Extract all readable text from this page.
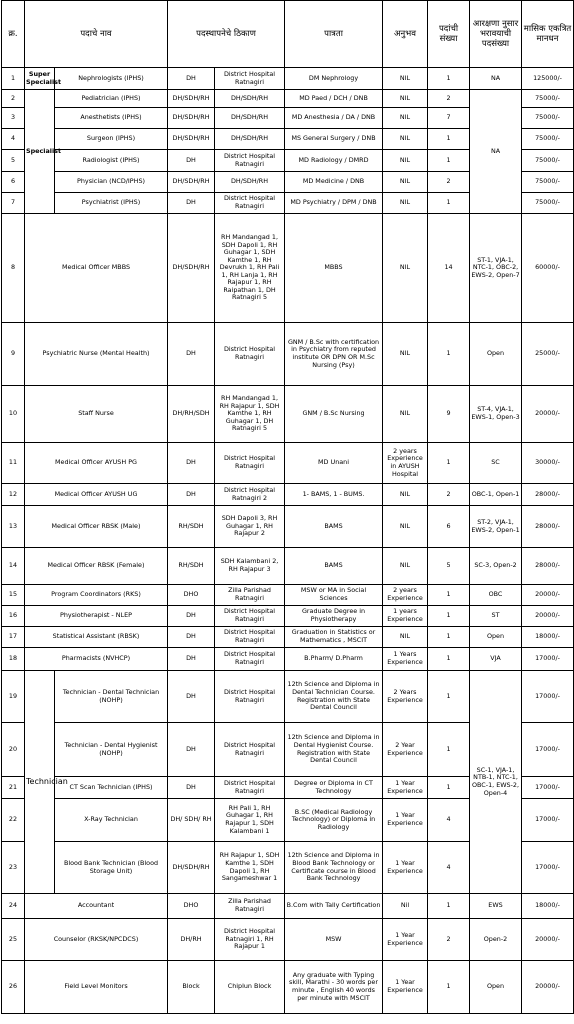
क्र.	पदाचे नाव		पदस्थापनेचे ठिकाण		पात्रता	अनुभव	पदांची संख्या	आरक्षणा नुसार भरावयाची पदसंख्या	मासिक एकत्रित मानधन
1	Super Specialist	Nephrologists (IPHS)	DH	District Hospital Ratnagiri	DM Nephrology	NIL	1	NA	125000/-
2	Specialist	Pediatrician (IPHS)	DH/SDH/RH	DH/SDH/RH	MD Paed / DCH / DNB	NIL	2	NA	75000/-
3		Anesthetists (IPHS)	DH/SDH/RH	DH/SDH/RH	MD Anesthesia / DA / DNB	NIL	7		75000/-
4		Surgeon (IPHS)	DH/SDH/RH	DH/SDH/RH	MS General Surgery / DNB	NIL	1		75000/-
5		Radiologist (IPHS)	DH	District Hospital Ratnagiri	MD Radiology / DMRD	NIL	1		75000/-
6		Physician (NCD/IPHS)	DH/SDH/RH	DH/SDH/RH	MD Medicine / DNB	NIL	2		75000/-
7		Psychiatrist (IPHS)	DH	District Hospital Ratnagiri	MD Psychiatry / DPM / DNB	NIL	1		75000/-
8	Medical Officer MBBS		DH/SDH/RH	RH Mandangad 1, SDH Dapoli 1, RH Guhagar 1, SDH Kamthe 1, RH Devrukh 1, RH Pali 1, RH Lanja 1, RH Rajapur 1, RH Raipathan 1, DH Ratnagiri 5	MBBS	NIL	14	ST-1, VJA-1, NTC-1, OBC-2, EWS-2, Open-7	60000/-
9	Psychiatric Nurse (Mental Health)		DH	District Hospital Ratnagiri	GNM / B.Sc with certification in Psychiatry from reputed institute OR DPN OR M.Sc Nursing (Psy)	NIL	1	Open	25000/-
10	Staff Nurse		DH/RH/SDH	RH Mandangad 1, RH Rajapur 1, SDH Kamthe 1, RH Guhagar 1, DH Ratnagiri 5	GNM / B.Sc Nursing	NIL	9	ST-4, VJA-1, EWS-1, Open-3	20000/-
11	Medical Officer AYUSH PG		DH	District Hospital Ratnagiri	MD Unani	2 years Experience in AYUSH Hospital	1	SC	30000/-
12	Medical Officer AYUSH UG		DH	District Hospital Ratnagiri 2	1- BAMS, 1 - BUMS.	NIL	2	OBC-1, Open-1	28000/-
13	Medical Officer RBSK (Male)		RH/SDH	SDH Dapoli 3, RH Guhagar 1, RH Rajapur 2	BAMS	NIL	6	ST-2, VJA-1, EWS-2, Open-1	28000/-
14	Medical Officer RBSK (Female)		RH/SDH	SDH Kalambani 2, RH Rajapur 3	BAMS	NIL	5	SC-3, Open-2	28000/-
15	Program Coordinators (RKS)		DHO	Zilla Parishad Ratnagiri	MSW or MA in Social Sciences	2 years Experience	1	OBC	20000/-
16	Physiotherapist - NLEP		DH	District Hospital Ratnagiri	Graduate Degree in Physiotherapy	1 years Experience	1	ST	20000/-
17	Statistical Assistant (RBSK)		DH	District Hospital Ratnagiri	Graduation in Statistics or Mathematics , MSCIT	NIL	1	Open	18000/-
18	Pharmacists (NVHCP)		DH	District Hospital Ratnagiri	B.Pharm/ D.Pharm	1 Years Experience	1	VJA	17000/-
19	Technician	Technician - Dental Technician (NOHP)	DH	District Hospital Ratnagiri	12th Science and Diploma in Dental Technician Course. Registration with State Dental Council	2 Years Experience	1	SC-1, VJA-1, NTB-1, NTC-1, OBC-1, EWS-2, Open-4	17000/-
20		Technician - Dental Hygienist (NOHP)	DH	District Hospital Ratnagiri	12th Science and Diploma in Dental Hygienist Course. Registration with State Dental Council	2 Year Experience	1		17000/-
21		CT Scan Technician (IPHS)	DH	District Hospital Ratnagiri	Degree or Diploma in CT Technology	1 Year Experience	1		17000/-
22		X-Ray Technician	DH/ SDH/ RH	RH Pali 1, RH Guhagar 1, RH Rajapur 1, SDH Kalambani 1	B.SC (Medical Radiology Technology) or Diploma in Radiology	1 Year Experience	4		17000/-
23		Blood Bank Technician (Blood Storage Unit)	DH/SDH/RH	RH Rajapur 1, SDH Kamthe 1, SDH Dapoli 1, RH Sangameshwar 1	12th Science and Diploma in Blood Bank Technology or Certificate course in Blood Bank Technology	1 Year Experience	4		17000/-
24	Accountant		DHO	Zilla Parishad Ratnagiri	B.Com with Tally Certification	Nil	1	EWS	18000/-
25	Counselor (RKSK/NPCDCS)		DH/RH	District Hospital Ratnagiri 1, RH Rajapur 1	MSW	1 Year Experience	2	Open-2	20000/-
26	Field Level Monitors		Block	Chiplun Block	Any graduate with Typing skill, Marathi - 30 words per minute , English 40 words per minute with MSCIT	1 Year Experience	1	Open	20000/-
